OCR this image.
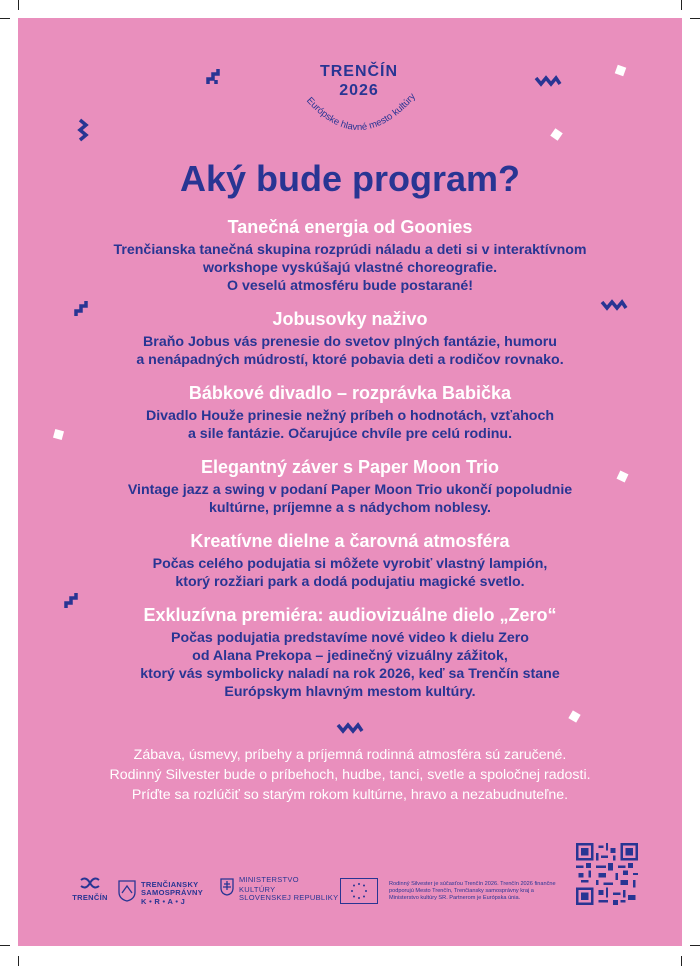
TRENČÍN
2026
Európske hlavné mesto kultúry
Aký bude program?
Tanečná energia od Goonies
Trenčianska tanečná skupina rozprúdi náladu a deti si v interaktívnom
workshope vyskúšajú vlastné choreografie.
O veselú atmosféru bude postarané!
Jobusovky naživo
Braňo Jobus vás prenesie do svetov plných fantázie, humoru
a nenápadných múdrostí, ktoré pobavia deti a rodičov rovnako.
Bábkové divadlo – rozprávka Babička
Divadlo Houže prinesie nežný príbeh o hodnotách, vzťahoch
a sile fantázie. Očarujúce chvíle pre celú rodinu.
Elegantný záver s Paper Moon Trio
Vintage jazz a swing v podaní Paper Moon Trio ukončí popoludnie
kultúrne, príjemne a s nádychom noblesy.
Kreatívne dielne a čarovná atmosféra
Počas celého podujatia si môžete vyrobiť vlastný lampión,
ktorý rozžiari park a dodá podujatiu magické svetlo.
Exkluzívna premiéra: audiovizuálne dielo „Zero“
Počas podujatia predstavíme nové video k dielu Zero
od Alana Prekopa – jedinečný vizuálny zážitok,
ktorý vás symbolicky naladí na rok 2026, keď sa Trenčín stane
Európskym hlavným mestom kultúry.
Zábava, úsmevy, príbehy a príjemná rodinná atmosféra sú zaručené.
Rodinný Silvester bude o príbehoch, hudbe, tanci, svetle a spoločnej radosti.
Príďte sa rozlúčiť so starým rokom kultúrne, hravo a nezabudnuteľne.
TRENČÍN
TRENČIANSKY
SAMOSPRÁVNY
K • R • A • J
MINISTERSTVO
KULTÚRY
SLOVENSKEJ REPUBLIKY
Rodinný Silvester je súčasťou Trenčín 2026. Trenčín 2026 finančne podporujú Mesto Trenčín, Trenčiansky samosprávny kraj a Ministerstvo kultúry SR. Partnerom je Európska únia.
